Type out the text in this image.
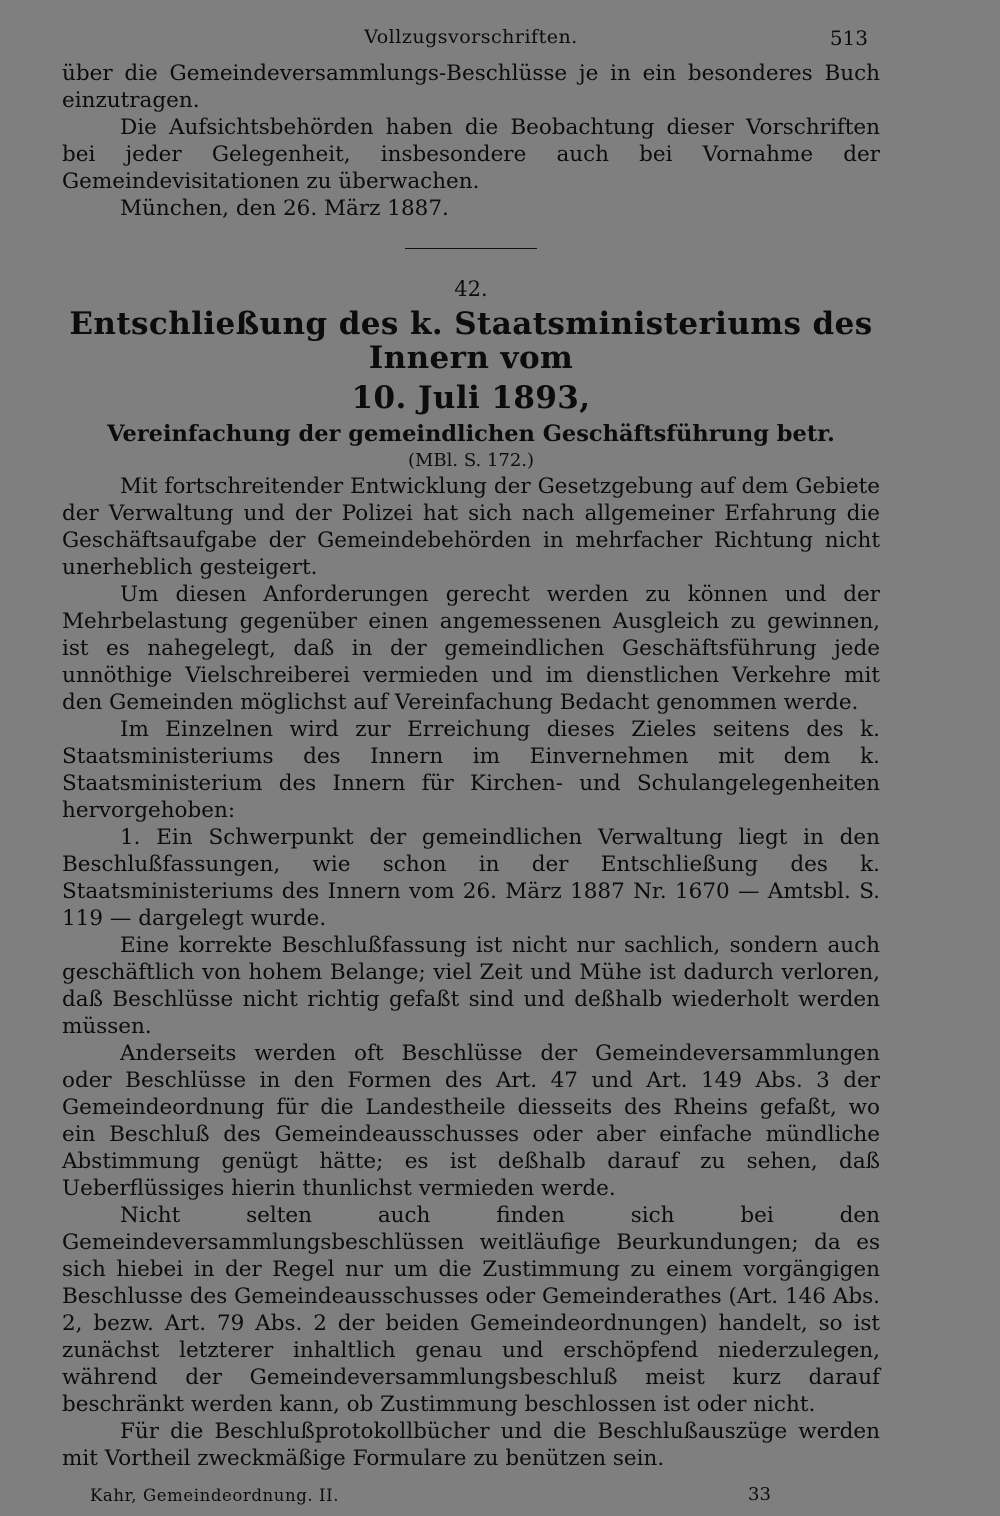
Vollzugsvorschriften.	513

über die Gemeindeversammlungs-Beschlüsse je in ein besonderes Buch einzutragen.

Die Aufsichtsbehörden haben die Beobachtung dieser Vorschriften bei jeder Gelegenheit, insbesondere auch bei Vornahme der Gemeindevisitationen zu überwachen.

München, den 26. März 1887.

42.
Entschließung des k. Staatsministeriums des Innern vom
10. Juli 1893,
Vereinfachung der gemeindlichen Geschäftsführung betr.
(MBl. S. 172.)

Mit fortschreitender Entwicklung der Gesetzgebung auf dem Gebiete der Verwaltung und der Polizei hat sich nach allgemeiner Erfahrung die Geschäftsaufgabe der Gemeindebehörden in mehrfacher Richtung nicht unerheblich gesteigert.

Um diesen Anforderungen gerecht werden zu können und der Mehrbelastung gegenüber einen angemessenen Ausgleich zu gewinnen, ist es nahegelegt, daß in der gemeindlichen Geschäftsführung jede unnöthige Vielschreiberei vermieden und im dienstlichen Verkehre mit den Gemeinden möglichst auf Vereinfachung Bedacht genommen werde.

Im Einzelnen wird zur Erreichung dieses Zieles seitens des k. Staatsministeriums des Innern im Einvernehmen mit dem k. Staatsministerium des Innern für Kirchen- und Schulangelegenheiten hervorgehoben:

1. Ein Schwerpunkt der gemeindlichen Verwaltung liegt in den Beschlußfassungen, wie schon in der Entschließung des k. Staatsministeriums des Innern vom 26. März 1887 Nr. 1670 — Amtsbl. S. 119 — dargelegt wurde.

Eine korrekte Beschlußfassung ist nicht nur sachlich, sondern auch geschäftlich von hohem Belange; viel Zeit und Mühe ist dadurch verloren, daß Beschlüsse nicht richtig gefaßt sind und deßhalb wiederholt werden müssen.

Anderseits werden oft Beschlüsse der Gemeindeversammlungen oder Beschlüsse in den Formen des Art. 47 und Art. 149 Abs. 3 der Gemeindeordnung für die Landestheile diesseits des Rheins gefaßt, wo ein Beschluß des Gemeindeausschusses oder aber einfache mündliche Abstimmung genügt hätte; es ist deßhalb darauf zu sehen, daß Ueberflüssiges hierin thunlichst vermieden werde.

Nicht selten auch finden sich bei den Gemeindeversammlungsbeschlüssen weitläufige Beurkundungen; da es sich hiebei in der Regel nur um die Zustimmung zu einem vorgängigen Beschlusse des Gemeindeausschusses oder Gemeinderathes (Art. 146 Abs. 2, bezw. Art. 79 Abs. 2 der beiden Gemeindeordnungen) handelt, so ist zunächst letzterer inhaltlich genau und erschöpfend niederzulegen, während der Gemeindeversammlungsbeschluß meist kurz darauf beschränkt werden kann, ob Zustimmung beschlossen ist oder nicht.

Für die Beschlußprotokollbücher und die Beschlußauszüge werden mit Vortheil zweckmäßige Formulare zu benützen sein.

Kahr, Gemeindeordnung. II.	33
